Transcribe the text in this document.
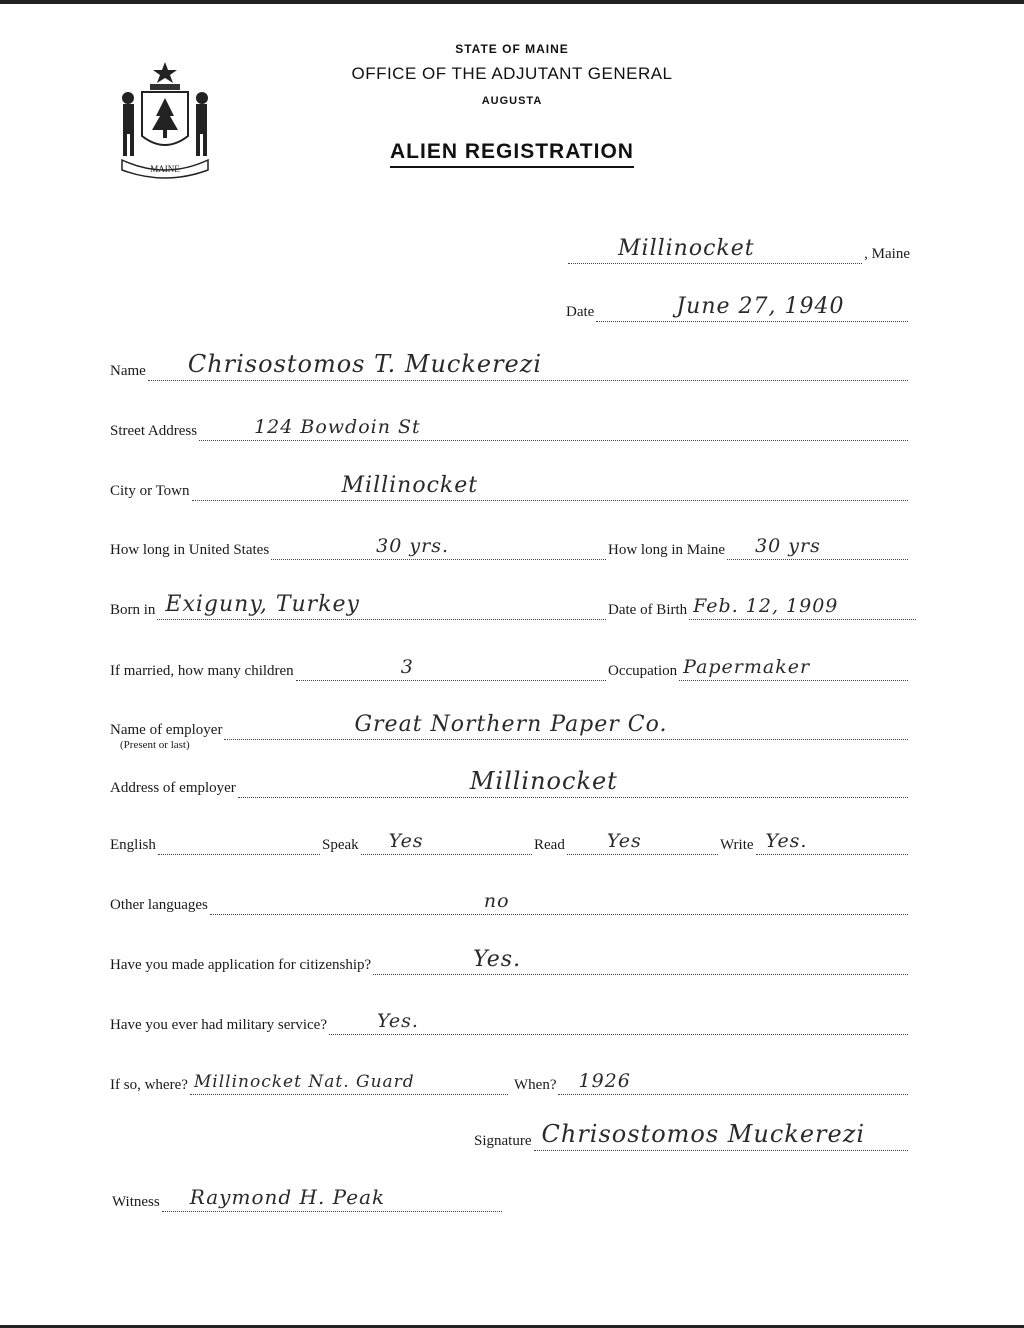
MAINE
STATE OF MAINE
OFFICE OF THE ADJUTANT GENERAL
AUGUSTA
ALIEN REGISTRATION
Millinocket	, Maine
Date	June 27, 1940
Name Chrisostomos T. Muckerezi
Street Address	124 Bowdoin St
City or Town	Millinocket
How long in United States	30 yrs.	How long in Maine 30 yrs
Born in Exiguny, Turkey	Date of Birth Feb. 12, 1909
If married, how many children	3	Occupation Papermaker
Name of employer	Great Northern Paper Co.
(Present or last)
Address of employer	Millinocket
English	Speak Yes	Read Yes	Write Yes.
Other languages	no
Have you made application for citizenship?	Yes.
Have you ever had military service?	Yes.
If so, where? Millinocket Nat. Guard	When? 1926
Signature Chrisostomos Muckerezi
Witness Raymond H. Peak
